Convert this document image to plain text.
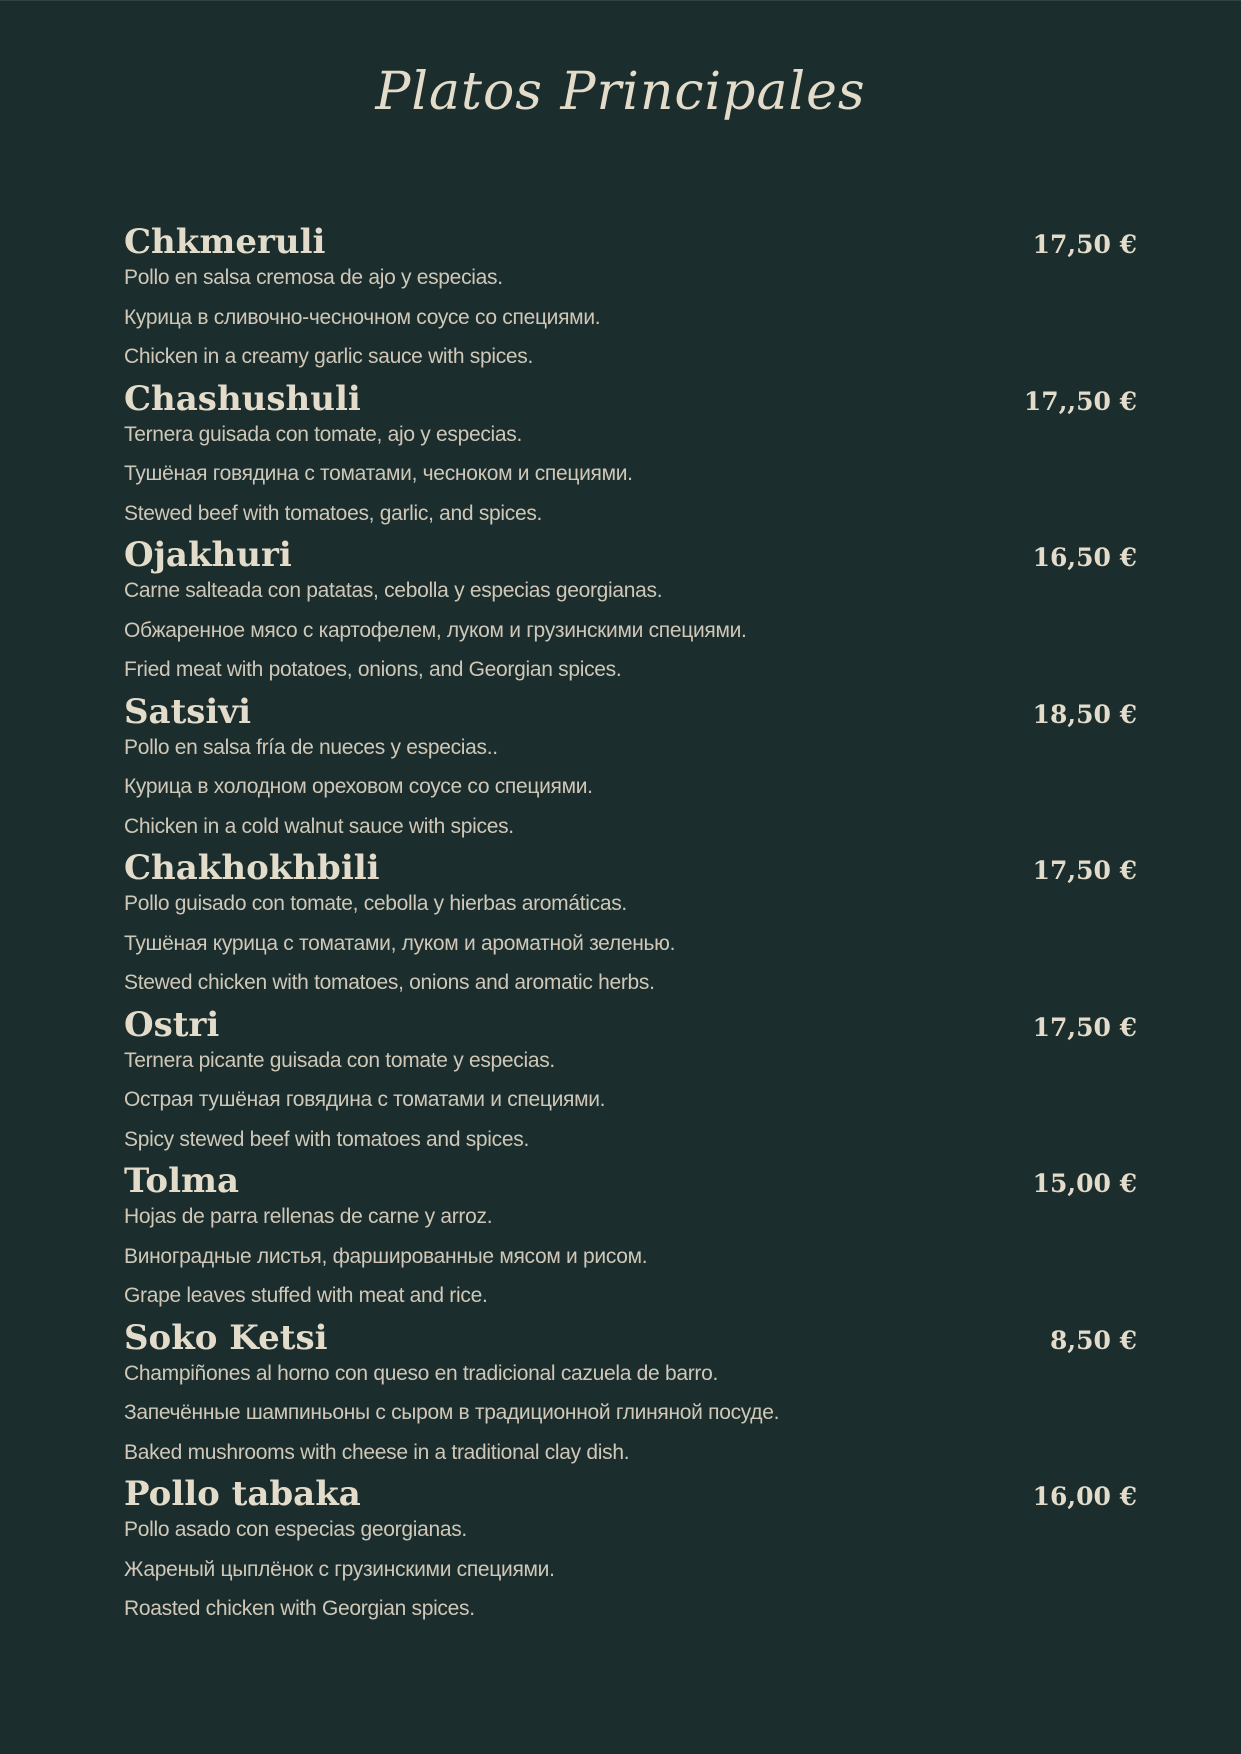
Platos Principales
Chkmeruli	17,50 €
Pollo en salsa cremosa de ajo y especias.
Курица в сливочно-чесночном соусе со специями.
Chicken in a creamy garlic sauce with spices.
Chashushuli	17,,50 €
Ternera guisada con tomate, ajo y especias.
Тушёная говядина с томатами, чесноком и специями.
Stewed beef with tomatoes, garlic, and spices.
Ojakhuri	16,50 €
Carne salteada con patatas, cebolla y especias georgianas.
Обжаренное мясо с картофелем, луком и грузинскими специями.
Fried meat with potatoes, onions, and Georgian spices.
Satsivi	18,50 €
Pollo en salsa fría de nueces y especias..
Курица в холодном ореховом соусе со специями.
Chicken in a cold walnut sauce with spices.
Chakhokhbili	17,50 €
Pollo guisado con tomate, cebolla y hierbas aromáticas.
Тушёная курица с томатами, луком и ароматной зеленью.
Stewed chicken with tomatoes, onions and aromatic herbs.
Ostri	17,50 €
Ternera picante guisada con tomate y especias.
Острая тушёная говядина с томатами и специями.
Spicy stewed beef with tomatoes and spices.
Tolma	15,00 €
Hojas de parra rellenas de carne y arroz.
Виноградные листья, фаршированные мясом и рисом.
Grape leaves stuffed with meat and rice.
Soko Ketsi	8,50 €
Champiñones al horno con queso en tradicional cazuela de barro.
Запечённые шампиньоны с сыром в традиционной глиняной посуде.
Baked mushrooms with cheese in a traditional clay dish.
Pollo tabaka	16,00 €
Pollo asado con especias georgianas.
Жареный цыплёнок с грузинскими специями.
Roasted chicken with Georgian spices.
